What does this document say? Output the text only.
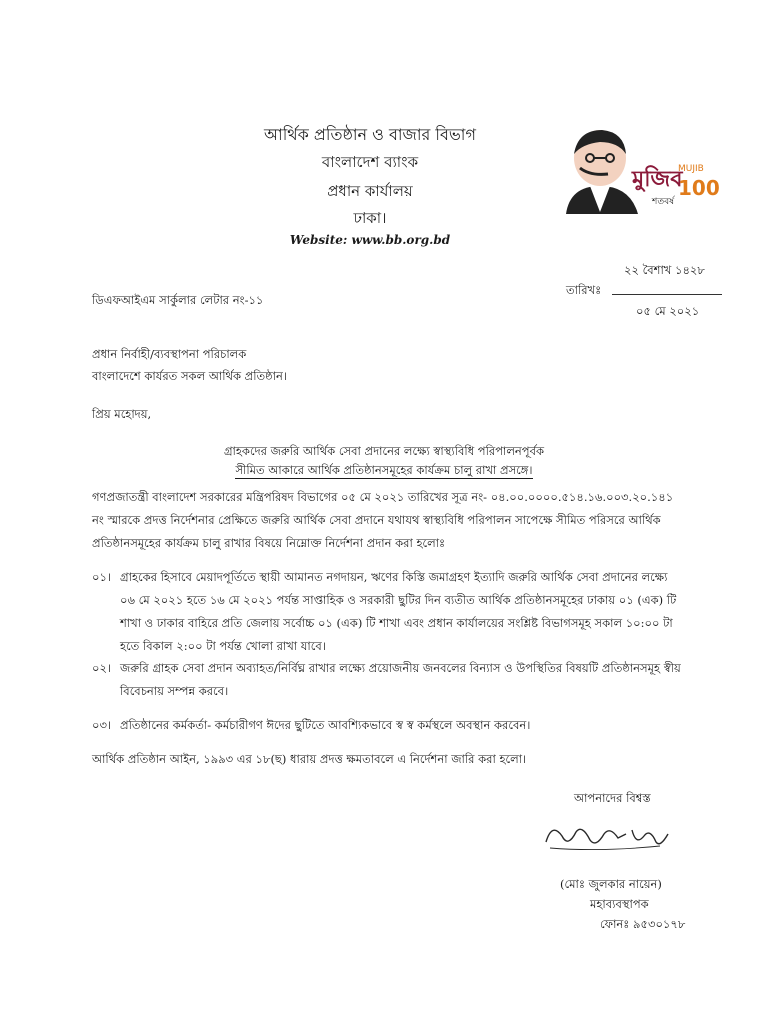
আর্থিক প্রতিষ্ঠান ও বাজার বিভাগ
বাংলাদেশ ব্যাংক
প্রধান কার্যালয়
ঢাকা।
Website: www.bb.org.bd
মুজিব
MUJIB
শতবর্ষ
100
২২ বৈশাখ ১৪২৮
তারিখঃ
০৫ মে ২০২১
ডিএফআইএম সার্কুলার লেটার নং-১১
প্রধান নির্বাহী/ব্যবস্থাপনা পরিচালক
বাংলাদেশে কার্যরত সকল আর্থিক প্রতিষ্ঠান।
প্রিয় মহোদয়,
গ্রাহকদের জরুরি আর্থিক সেবা প্রদানের লক্ষ্যে স্বাস্থ্যবিধি পরিপালনপূর্বক
সীমিত আকারে আর্থিক প্রতিষ্ঠানসমূহের কার্যক্রম চালু রাখা প্রসঙ্গে।
গণপ্রজাতন্ত্রী বাংলাদেশ সরকারের মন্ত্রিপরিষদ বিভাগের ০৫ মে ২০২১ তারিখের সূত্র নং- ০৪.০০.০০০০.৫১৪.১৬.০০৩.২০.১৪১
নং স্মারকে প্রদত্ত নির্দেশনার প্রেক্ষিতে জরুরি আর্থিক সেবা প্রদানে যথাযথ স্বাস্থ্যবিধি পরিপালন সাপেক্ষে সীমিত পরিসরে আর্থিক
প্রতিষ্ঠানসমূহের কার্যক্রম চালু রাখার বিষয়ে নিম্নোক্ত নির্দেশনা প্রদান করা হলোঃ
০১। গ্রাহকের হিসাবে মেয়াদপূর্তিতে স্থায়ী আমানত নগদায়ন, ঋণের কিস্তি জমাগ্রহণ ইত্যাদি জরুরি আর্থিক সেবা প্রদানের লক্ষ্যে
০৬ মে ২০২১ হতে ১৬ মে ২০২১ পর্যন্ত সাপ্তাহিক ও সরকারী ছুটির দিন ব্যতীত আর্থিক প্রতিষ্ঠানসমূহের ঢাকায় ০১ (এক) টি
শাখা ও ঢাকার বাহিরে প্রতি জেলায় সর্বোচ্চ ০১ (এক) টি শাখা এবং প্রধান কার্যালয়ের সংশ্লিষ্ট বিভাগসমূহ সকাল ১০:০০ টা
হতে বিকাল ২:০০ টা পর্যন্ত খোলা রাখা যাবে।
০২। জরুরি গ্রাহক সেবা প্রদান অব্যাহত/নির্বিঘ্ন রাখার লক্ষ্যে প্রয়োজনীয় জনবলের বিন্যাস ও উপস্থিতির বিষয়টি প্রতিষ্ঠানসমূহ স্বীয়
বিবেচনায় সম্পন্ন করবে।
০৩। প্রতিষ্ঠানের কর্মকর্তা- কর্মচারীগণ ঈদের ছুটিতে আবশ্যিকভাবে স্ব স্ব কর্মস্থলে অবস্থান করবেন।
আর্থিক প্রতিষ্ঠান আইন, ১৯৯৩ এর ১৮(ছ) ধারায় প্রদত্ত ক্ষমতাবলে এ নির্দেশনা জারি করা হলো।
আপনাদের বিশ্বস্ত
(মোঃ জুলকার নায়েন)
মহাব্যবস্থাপক
ফোনঃ ৯৫৩০১৭৮
